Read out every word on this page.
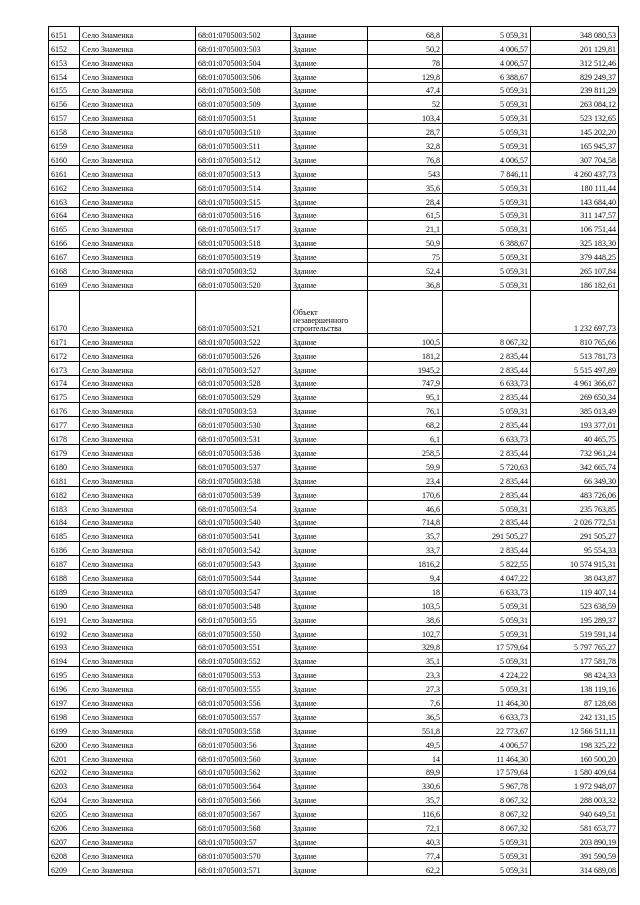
6151	Село Знаменка	68:01:0705003:502	Здание	68,8	5 059,31	348 080,53
6152	Село Знаменка	68:01:0705003:503	Здание	50,2	4 006,57	201 129,81
6153	Село Знаменка	68:01:0705003:504	Здание	78	4 006,57	312 512,46
6154	Село Знаменка	68:01:0705003:506	Здание	129,8	6 388,67	829 249,37
6155	Село Знаменка	68:01:0705003:508	Здание	47,4	5 059,31	239 811,29
6156	Село Знаменка	68:01:0705003:509	Здание	52	5 059,31	263 084,12
6157	Село Знаменка	68:01:0705003:51	Здание	103,4	5 059,31	523 132,65
6158	Село Знаменка	68:01:0705003:510	Здание	28,7	5 059,31	145 202,20
6159	Село Знаменка	68:01:0705003:511	Здание	32,8	5 059,31	165 945,37
6160	Село Знаменка	68:01:0705003:512	Здание	76,8	4 006,57	307 704,58
6161	Село Знаменка	68:01:0705003:513	Здание	543	7 846,11	4 260 437,73
6162	Село Знаменка	68:01:0705003:514	Здание	35,6	5 059,31	180 111,44
6163	Село Знаменка	68:01:0705003:515	Здание	28,4	5 059,31	143 684,40
6164	Село Знаменка	68:01:0705003:516	Здание	61,5	5 059,31	311 147,57
6165	Село Знаменка	68:01:0705003:517	Здание	21,1	5 059,31	106 751,44
6166	Село Знаменка	68:01:0705003:518	Здание	50,9	6 388,67	325 183,30
6167	Село Знаменка	68:01:0705003:519	Здание	75	5 059,31	379 448,25
6168	Село Знаменка	68:01:0705003:52	Здание	52,4	5 059,31	265 107,84
6169	Село Знаменка	68:01:0705003:520	Здание	36,8	5 059,31	186 182,61
6170	Село Знаменка	68:01:0705003:521	Объект незавершенного строительства			1 232 697,73
6171	Село Знаменка	68:01:0705003:522	Здание	100,5	8 067,32	810 765,66
6172	Село Знаменка	68:01:0705003:526	Здание	181,2	2 835,44	513 781,73
6173	Село Знаменка	68:01:0705003:527	Здание	1945,2	2 835,44	5 515 497,89
6174	Село Знаменка	68:01:0705003:528	Здание	747,9	6 633,73	4 961 366,67
6175	Село Знаменка	68:01:0705003:529	Здание	95,1	2 835,44	269 650,34
6176	Село Знаменка	68:01:0705003:53	Здание	76,1	5 059,31	385 013,49
6177	Село Знаменка	68:01:0705003:530	Здание	68,2	2 835,44	193 377,01
6178	Село Знаменка	68:01:0705003:531	Здание	6,1	6 633,73	40 465,75
6179	Село Знаменка	68:01:0705003:536	Здание	258,5	2 835,44	732 961,24
6180	Село Знаменка	68:01:0705003:537	Здание	59,9	5 720,63	342 665,74
6181	Село Знаменка	68:01:0705003:538	Здание	23,4	2 835,44	66 349,30
6182	Село Знаменка	68:01:0705003:539	Здание	170,6	2 835,44	483 726,06
6183	Село Знаменка	68:01:0705003:54	Здание	46,6	5 059,31	235 763,85
6184	Село Знаменка	68:01:0705003:540	Здание	714,8	2 835,44	2 026 772,51
6185	Село Знаменка	68:01:0705003:541	Здание	35,7	291 505,27	291 505,27
6186	Село Знаменка	68:01:0705003:542	Здание	33,7	2 835,44	95 554,33
6187	Село Знаменка	68:01:0705003:543	Здание	1816,2	5 822,55	10 574 915,31
6188	Село Знаменка	68:01:0705003:544	Здание	9,4	4 047,22	38 043,87
6189	Село Знаменка	68:01:0705003:547	Здание	18	6 633,73	119 407,14
6190	Село Знаменка	68:01:0705003:548	Здание	103,5	5 059,31	523 638,59
6191	Село Знаменка	68:01:0705003:55	Здание	38,6	5 059,31	195 289,37
6192	Село Знаменка	68:01:0705003:550	Здание	102,7	5 059,31	519 591,14
6193	Село Знаменка	68:01:0705003:551	Здание	329,8	17 579,64	5 797 765,27
6194	Село Знаменка	68:01:0705003:552	Здание	35,1	5 059,31	177 581,78
6195	Село Знаменка	68:01:0705003:553	Здание	23,3	4 224,22	98 424,33
6196	Село Знаменка	68:01:0705003:555	Здание	27,3	5 059,31	138 119,16
6197	Село Знаменка	68:01:0705003:556	Здание	7,6	11 464,30	87 128,68
6198	Село Знаменка	68:01:0705003:557	Здание	36,5	6 633,73	242 131,15
6199	Село Знаменка	68:01:0705003:558	Здание	551,8	22 773,67	12 566 511,11
6200	Село Знаменка	68:01:0705003:56	Здание	49,5	4 006,57	198 325,22
6201	Село Знаменка	68:01:0705003:560	Здание	14	11 464,30	160 500,20
6202	Село Знаменка	68:01:0705003:562	Здание	89,9	17 579,64	1 580 409,64
6203	Село Знаменка	68:01:0705003:564	Здание	330,6	5 967,78	1 972 948,07
6204	Село Знаменка	68:01:0705003:566	Здание	35,7	8 067,32	288 003,32
6205	Село Знаменка	68:01:0705003:567	Здание	116,6	8 067,32	940 649,51
6206	Село Знаменка	68:01:0705003:568	Здание	72,1	8 067,32	581 653,77
6207	Село Знаменка	68:01:0705003:57	Здание	40,3	5 059,31	203 890,19
6208	Село Знаменка	68:01:0705003:570	Здание	77,4	5 059,31	391 590,59
6209	Село Знаменка	68:01:0705003:571	Здание	62,2	5 059,31	314 689,08
